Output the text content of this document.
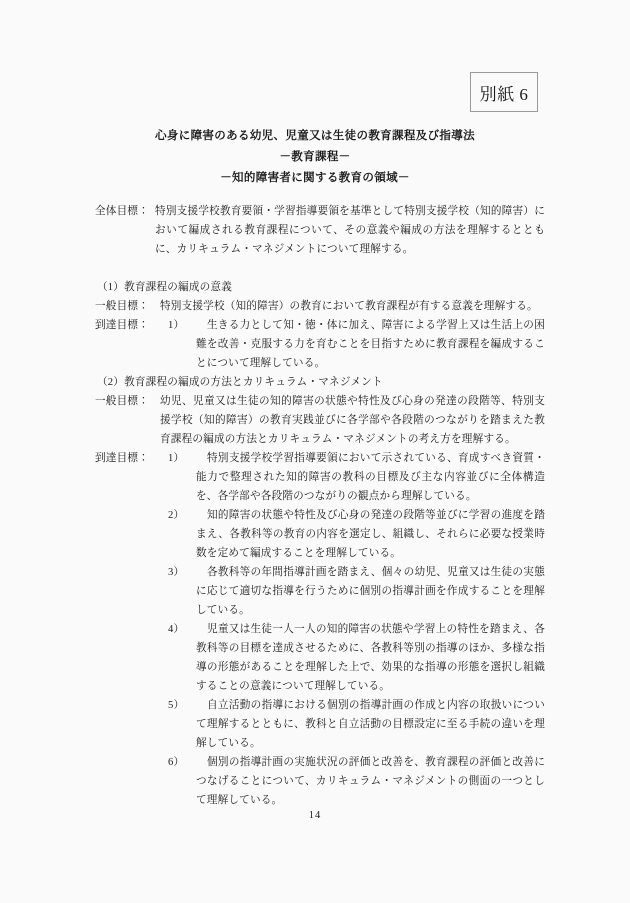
別紙 6
心身に障害のある幼児、児童又は生徒の教育課程及び指導法
－教育課程－
－知的障害者に関する教育の領域－
全体目標： 特別支援学校教育要領・学習指導要領を基準として特別支援学校（知的障害）において編成される教育課程について、その意義や編成の方法を理解するとともに、カリキュラム・マネジメントについて理解する。
（1）教育課程の編成の意義
一般目標：	特別支援学校（知的障害）の教育において教育課程が有する意義を理解する。
到達目標：	1）	生きる力として知・徳・体に加え、障害による学習上又は生活上の困難を改善・克服する力を育むことを目指すために教育課程を編成することについて理解している。
（2）教育課程の編成の方法とカリキュラム・マネジメント
一般目標：	幼児、児童又は生徒の知的障害の状態や特性及び心身の発達の段階等、特別支援学校（知的障害）の教育実践並びに各学部や各段階のつながりを踏まえた教育課程の編成の方法とカリキュラム・マネジメントの考え方を理解する。
到達目標：	1）	特別支援学校学習指導要領において示されている、育成すべき資質・能力で整理された知的障害の教科の目標及び主な内容並びに全体構造を、各学部や各段階のつながりの観点から理解している。
2）	知的障害の状態や特性及び心身の発達の段階等並びに学習の進度を踏まえ、各教科等の教育の内容を選定し、組織し、それらに必要な授業時数を定めて編成することを理解している。
3）	各教科等の年間指導計画を踏まえ、個々の幼児、児童又は生徒の実態に応じて適切な指導を行うために個別の指導計画を作成することを理解している。
4）	児童又は生徒一人一人の知的障害の状態や学習上の特性を踏まえ、各教科等の目標を達成させるために、各教科等別の指導のほか、多様な指導の形態があることを理解した上で、効果的な指導の形態を選択し組織することの意義について理解している。
5）	自立活動の指導における個別の指導計画の作成と内容の取扱いについて理解するとともに、教科と自立活動の目標設定に至る手続の違いを理解している。
6）	個別の指導計画の実施状況の評価と改善を、教育課程の評価と改善につなげることについて、カリキュラム・マネジメントの側面の一つとして理解している。
14
